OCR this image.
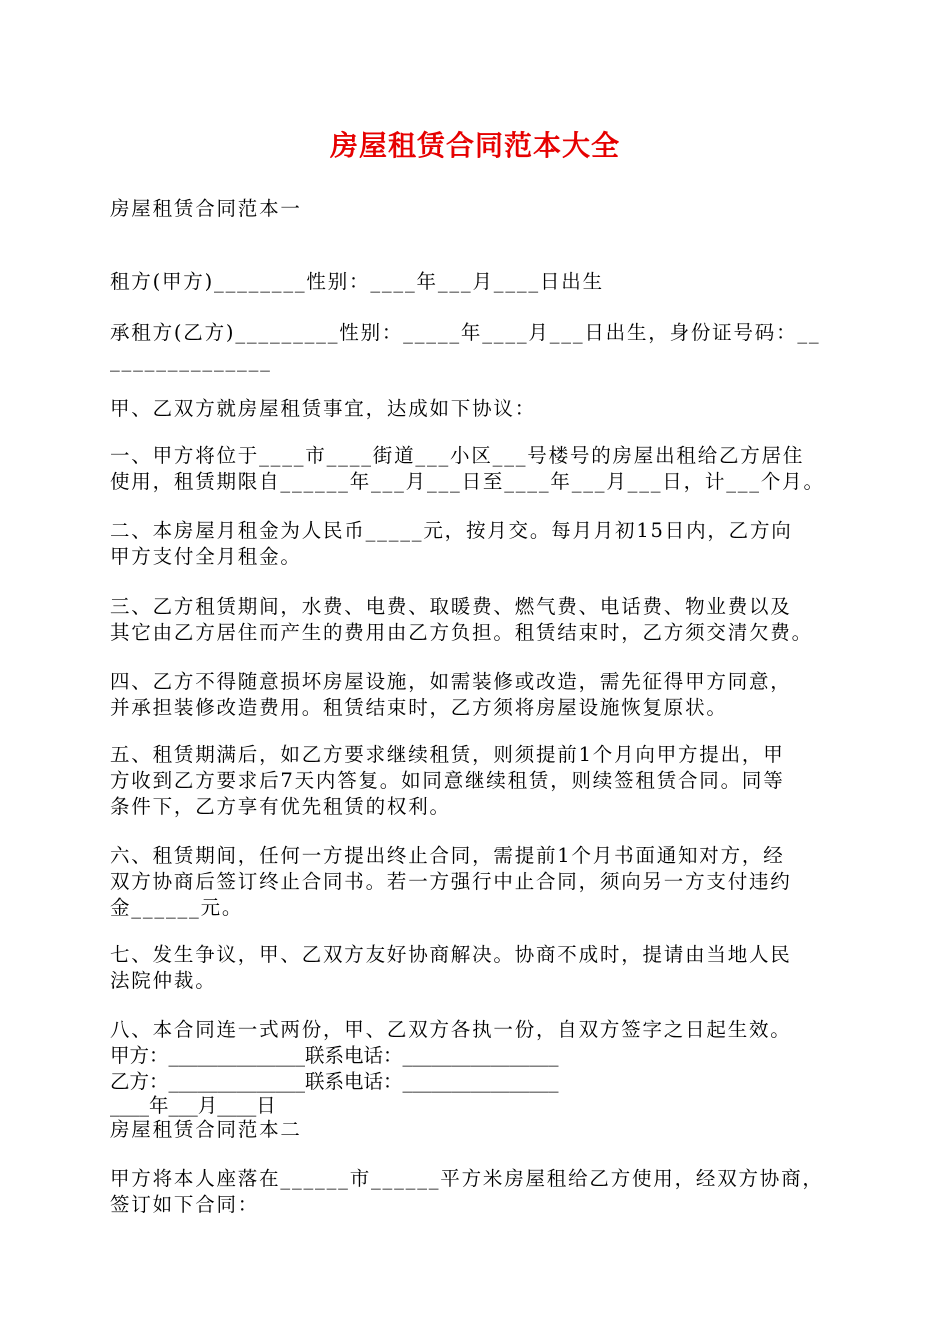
房屋租赁合同范本大全
房屋租赁合同范本一
租方(甲方)________性别：____年___月____日出生
承租方(乙方)_________性别：_____年____月___日出生，身份证号码：__
______________
甲、乙双方就房屋租赁事宜，达成如下协议：
一、甲方将位于____市____街道___小区___号楼号的房屋出租给乙方居住
使用，租赁期限自______年___月___日至____年___月___日，计___个月。
二、本房屋月租金为人民币_____元，按月交。每月月初15日内，乙方向
甲方支付全月租金。
三、乙方租赁期间，水费、电费、取暖费、燃气费、电话费、物业费以及
其它由乙方居住而产生的费用由乙方负担。租赁结束时，乙方须交清欠费。
四、乙方不得随意损坏房屋设施，如需装修或改造，需先征得甲方同意，
并承担装修改造费用。租赁结束时，乙方须将房屋设施恢复原状。
五、租赁期满后，如乙方要求继续租赁，则须提前1个月向甲方提出，甲
方收到乙方要求后7天内答复。如同意继续租赁，则续签租赁合同。同等
条件下，乙方享有优先租赁的权利。
六、租赁期间，任何一方提出终止合同，需提前1个月书面通知对方，经
双方协商后签订终止合同书。若一方强行中止合同，须向另一方支付违约
金______元。
七、发生争议，甲、乙双方友好协商解决。协商不成时，提请由当地人民
法院仲裁。
八、本合同连一式两份，甲、乙双方各执一份，自双方签字之日起生效。
甲方：______________联系电话：________________
乙方：______________联系电话：________________
____年___月____日
房屋租赁合同范本二
甲方将本人座落在______市______平方米房屋租给乙方使用，经双方协商，
签订如下合同：
